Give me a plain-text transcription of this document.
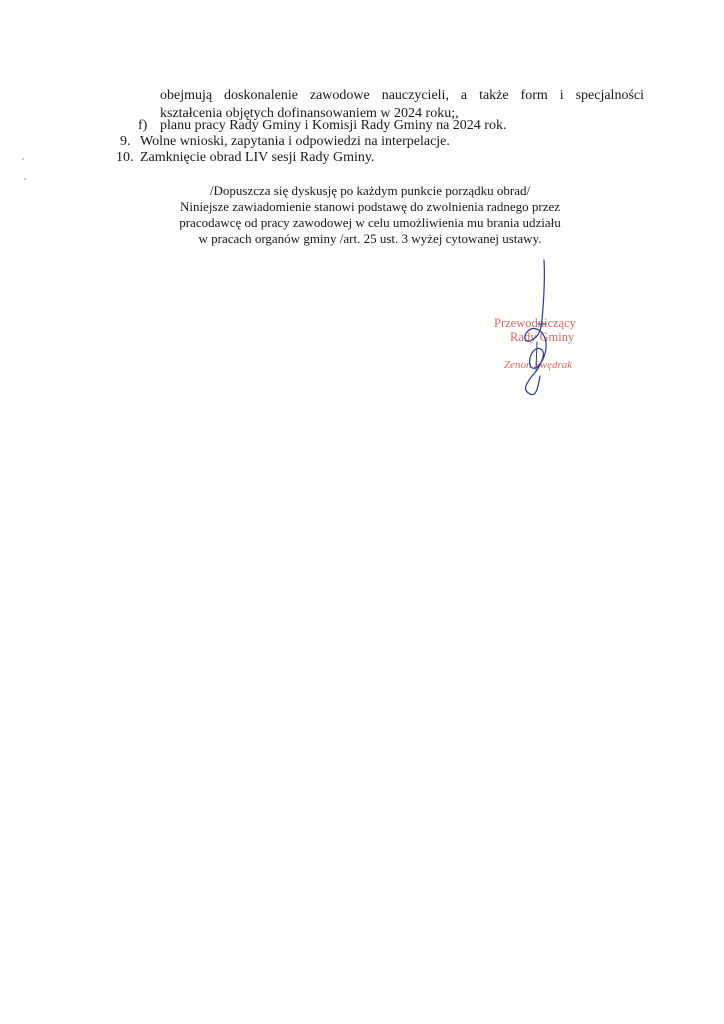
obejmują doskonalenie zawodowe nauczycieli, a także form i specjalności
kształcenia objętych dofinansowaniem w 2024 roku;,
f) planu pracy Rady Gminy i Komisji Rady Gminy na 2024 rok.
9. Wolne wnioski, zapytania i odpowiedzi na interpelacje.
10. Zamknięcie obrad LIV sesji Rady Gminy.
/Dopuszcza się dyskusję po każdym punkcie porządku obrad/
Niniejsze zawiadomienie stanowi podstawę do zwolnienia radnego przez
pracodawcę od pracy zawodowej w celu umożliwienia mu brania udziału
w pracach organów gminy /art. 25 ust. 3 wyżej cytowanej ustawy.
Przewodniczący
Rady Gminy
Zenon Swędrak
